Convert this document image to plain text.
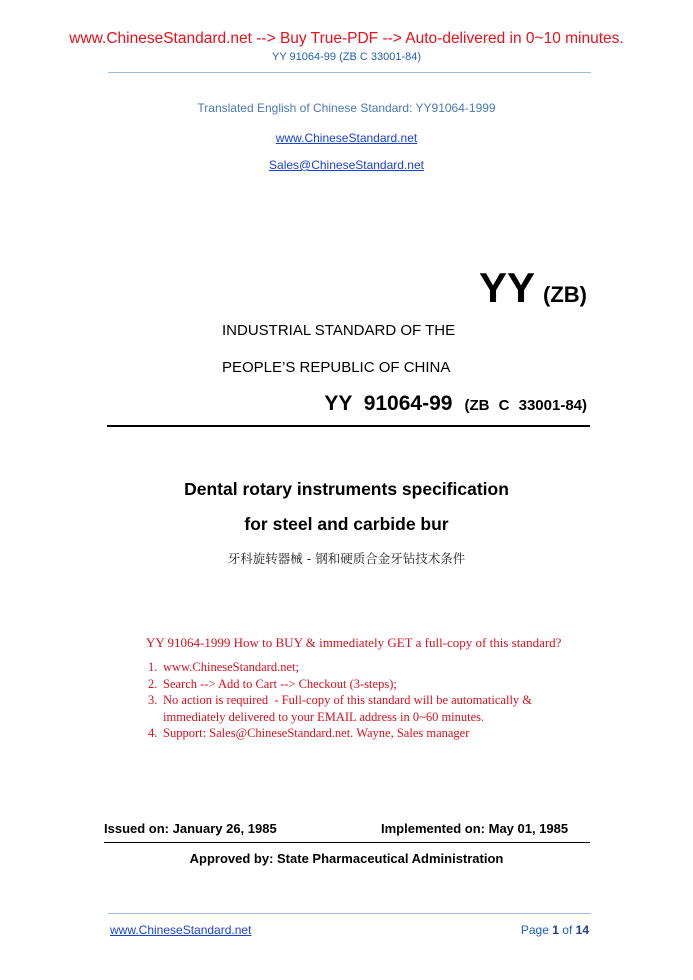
www.ChineseStandard.net --> Buy True-PDF --> Auto-delivered in 0~10 minutes.
YY 91064-99 (ZB C 33001-84)
Translated English of Chinese Standard: YY91064-1999
www.ChineseStandard.net
Sales@ChineseStandard.net
YY (ZB)
INDUSTRIAL STANDARD OF THE
PEOPLE’S REPUBLIC OF CHINA
YY  91064-99 (ZB C 33001-84)
Dental rotary instruments specification
for steel and carbide bur
牙科旋转器械 - 钢和硬质合金牙钻技术条件
YY 91064-1999 How to BUY & immediately GET a full-copy of this standard?
1. www.ChineseStandard.net;
2. Search --> Add to Cart --> Checkout (3-steps);
3. No action is required  - Full-copy of this standard will be automatically &
immediately delivered to your EMAIL address in 0~60 minutes.
4. Support: Sales@ChineseStandard.net. Wayne, Sales manager
Issued on: January 26, 1985	Implemented on: May 01, 1985
Approved by: State Pharmaceutical Administration
www.ChineseStandard.net	Page 1 of 14
